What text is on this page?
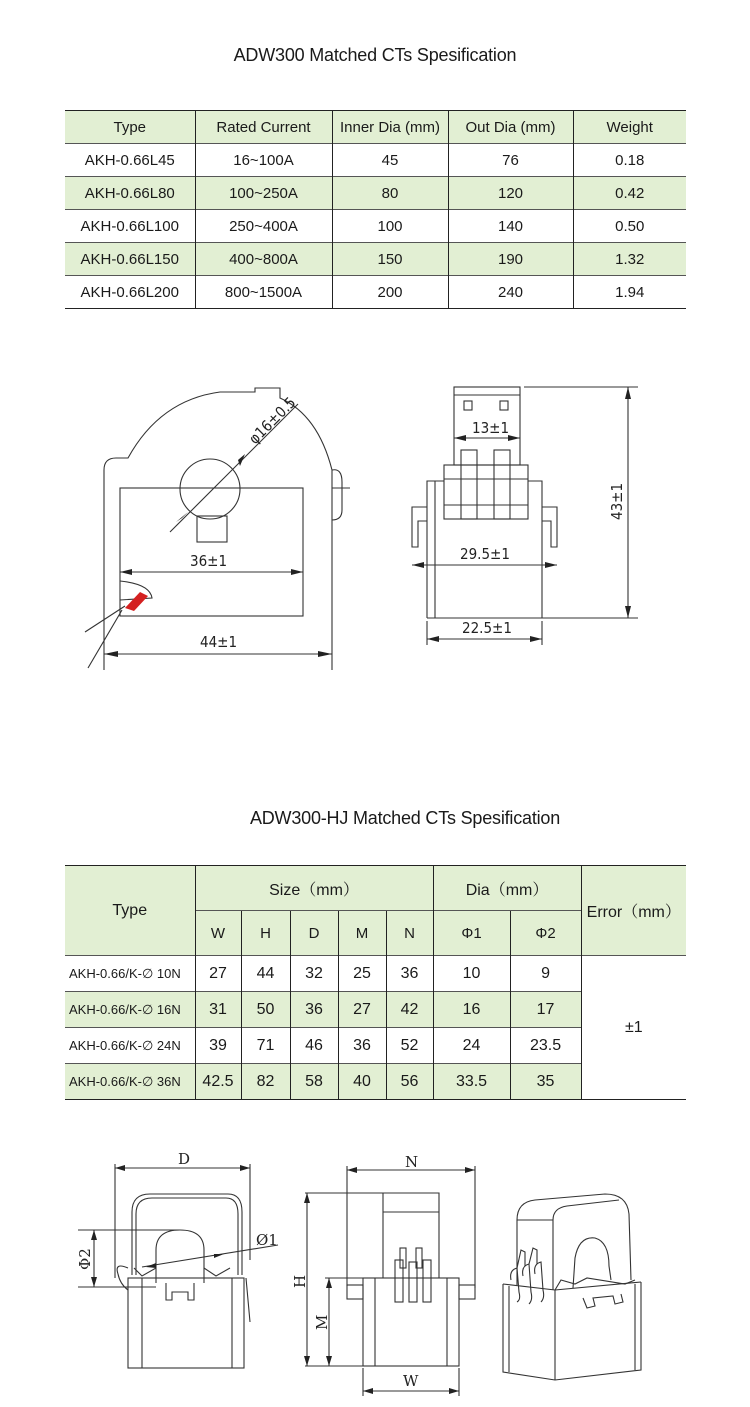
ADW300 Matched CTs Spesification
Type	Rated Current	Inner Dia (mm)	Out Dia (mm)	Weight
AKH-0.66L45	16~100A	45	76	0.18
AKH-0.66L80	100~250A	80	120	0.42
AKH-0.66L100	250~400A	100	140	0.50
AKH-0.66L150	400~800A	150	190	1.32
AKH-0.66L200	800~1500A	200	240	1.94
φ16±0.5
36±1
44±1
13±1
29.5±1
43±1
22.5±1
ADW300-HJ Matched CTs Spesification
Type	Size（mm）					Dia（mm）		Error（mm）
	W	H	D	M	N	Φ1	Φ2	
AKH-0.66/K-∅ 10N	27	44	32	25	36	10	9	±1
AKH-0.66/K-∅ 16N	31	50	36	27	42	16	17	
AKH-0.66/K-∅ 24N	39	71	46	36	52	24	23.5	
AKH-0.66/K-∅ 36N	42.5	82	58	40	56	33.5	35	
D
Φ2
Ø1
N
H
M
W
